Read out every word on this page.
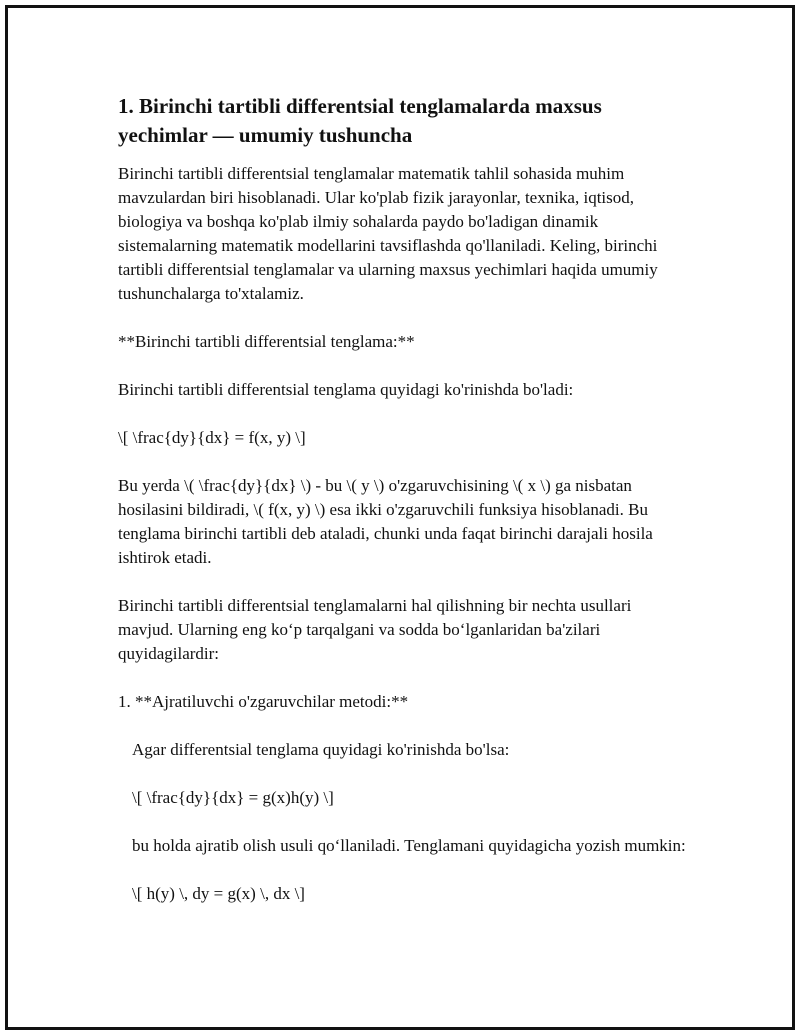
1. Birinchi tartibli differentsial tenglamalarda maxsus yechimlar — umumiy tushuncha

Birinchi tartibli differentsial tenglamalar matematik tahlil sohasida muhim mavzulardan biri hisoblanadi. Ular ko'plab fizik jarayonlar, texnika, iqtisod, biologiya va boshqa ko'plab ilmiy sohalarda paydo bo'ladigan dinamik sistemalarning matematik modellarini tavsiflashda qo'llaniladi. Keling, birinchi tartibli differentsial tenglamalar va ularning maxsus yechimlari haqida umumiy tushunchalarga to'xtalamiz.

**Birinchi tartibli differentsial tenglama:**

Birinchi tartibli differentsial tenglama quyidagi ko'rinishda bo'ladi:

\[ \frac{dy}{dx} = f(x, y) \]

Bu yerda \( \frac{dy}{dx} \) - bu \( y \) o'zgaruvchisining \( x \) ga nisbatan hosilasini bildiradi, \( f(x, y) \) esa ikki o'zgaruvchili funksiya hisoblanadi. Bu tenglama birinchi tartibli deb ataladi, chunki unda faqat birinchi darajali hosila ishtirok etadi.

Birinchi tartibli differentsial tenglamalarni hal qilishning bir nechta usullari mavjud. Ularning eng koʻp tarqalgani va sodda boʻlganlaridan ba'zilari quyidagilardir:

1. **Ajratiluvchi o'zgaruvchilar metodi:**

Agar differentsial tenglama quyidagi ko'rinishda bo'lsa:

\[ \frac{dy}{dx} = g(x)h(y) \]

bu holda ajratib olish usuli qoʻllaniladi. Tenglamani quyidagicha yozish mumkin:

\[ h(y) \, dy = g(x) \, dx \]
